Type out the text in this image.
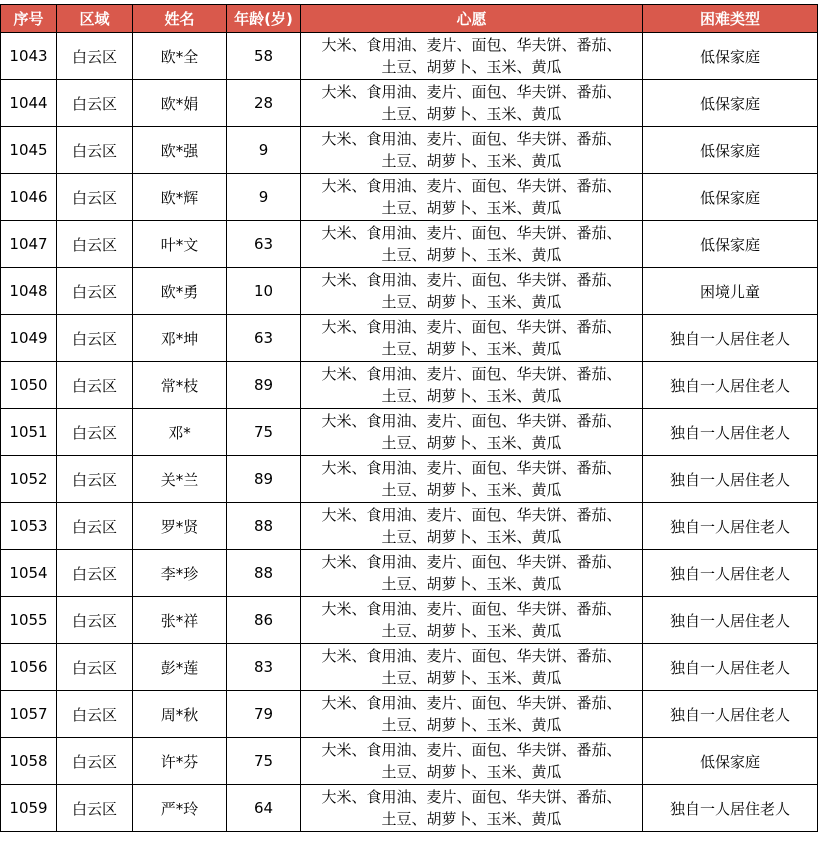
序号	区域	姓名	年龄(岁)	心愿	困难类型
1043	白云区	欧*全	58	大米、食用油、麦片、面包、华夫饼、番茄、
土豆、胡萝卜、玉米、黄瓜	低保家庭
1044	白云区	欧*娟	28	大米、食用油、麦片、面包、华夫饼、番茄、
土豆、胡萝卜、玉米、黄瓜	低保家庭
1045	白云区	欧*强	9	大米、食用油、麦片、面包、华夫饼、番茄、
土豆、胡萝卜、玉米、黄瓜	低保家庭
1046	白云区	欧*辉	9	大米、食用油、麦片、面包、华夫饼、番茄、
土豆、胡萝卜、玉米、黄瓜	低保家庭
1047	白云区	叶*文	63	大米、食用油、麦片、面包、华夫饼、番茄、
土豆、胡萝卜、玉米、黄瓜	低保家庭
1048	白云区	欧*勇	10	大米、食用油、麦片、面包、华夫饼、番茄、
土豆、胡萝卜、玉米、黄瓜	困境儿童
1049	白云区	邓*坤	63	大米、食用油、麦片、面包、华夫饼、番茄、
土豆、胡萝卜、玉米、黄瓜	独自一人居住老人
1050	白云区	常*枝	89	大米、食用油、麦片、面包、华夫饼、番茄、
土豆、胡萝卜、玉米、黄瓜	独自一人居住老人
1051	白云区	邓*	75	大米、食用油、麦片、面包、华夫饼、番茄、
土豆、胡萝卜、玉米、黄瓜	独自一人居住老人
1052	白云区	关*兰	89	大米、食用油、麦片、面包、华夫饼、番茄、
土豆、胡萝卜、玉米、黄瓜	独自一人居住老人
1053	白云区	罗*贤	88	大米、食用油、麦片、面包、华夫饼、番茄、
土豆、胡萝卜、玉米、黄瓜	独自一人居住老人
1054	白云区	李*珍	88	大米、食用油、麦片、面包、华夫饼、番茄、
土豆、胡萝卜、玉米、黄瓜	独自一人居住老人
1055	白云区	张*祥	86	大米、食用油、麦片、面包、华夫饼、番茄、
土豆、胡萝卜、玉米、黄瓜	独自一人居住老人
1056	白云区	彭*莲	83	大米、食用油、麦片、面包、华夫饼、番茄、
土豆、胡萝卜、玉米、黄瓜	独自一人居住老人
1057	白云区	周*秋	79	大米、食用油、麦片、面包、华夫饼、番茄、
土豆、胡萝卜、玉米、黄瓜	独自一人居住老人
1058	白云区	许*芬	75	大米、食用油、麦片、面包、华夫饼、番茄、
土豆、胡萝卜、玉米、黄瓜	低保家庭
1059	白云区	严*玲	64	大米、食用油、麦片、面包、华夫饼、番茄、
土豆、胡萝卜、玉米、黄瓜	独自一人居住老人
